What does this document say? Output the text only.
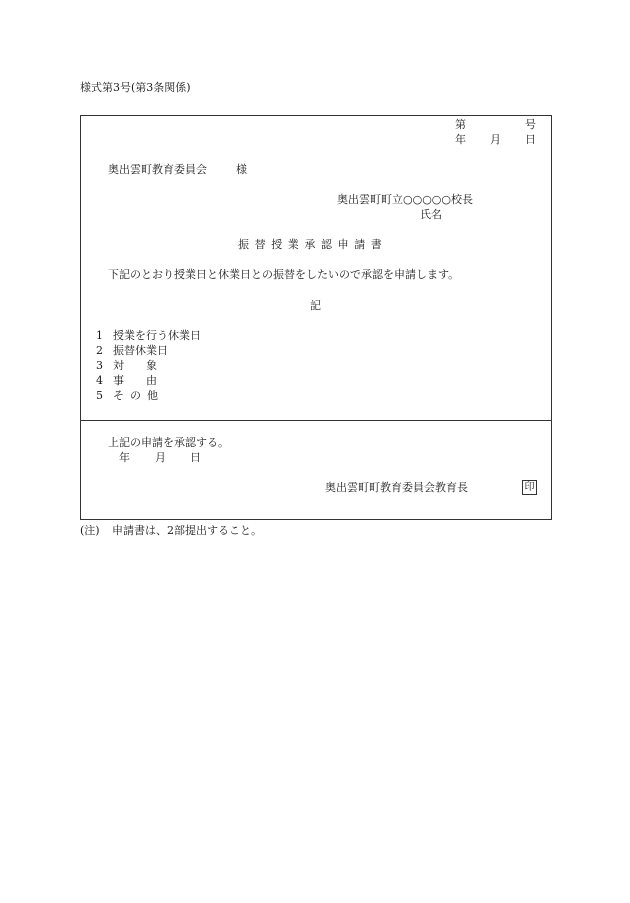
様式第3号(第3条関係)
第	号
年 月 日
奥出雲町教育委員会	様
奥出雲町町立○○○○○校長
氏名
振替授業承認申請書
下記のとおり授業日と休業日との振替をしたいので承認を申請します。
記
1 授業を行う休業日
2 振替休業日
3 対象
4 事由
5 その他
上記の申請を承認する。
年 月 日
奥出雲町町教育委員会教育長	印
(注) 申請書は、2部提出すること。
